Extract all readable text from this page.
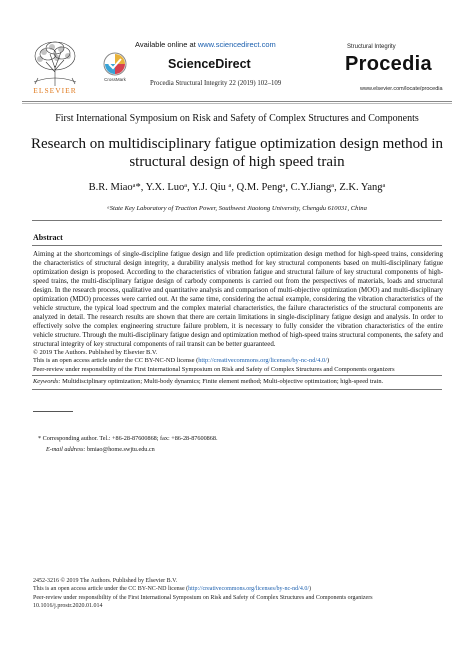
ELSEVIER
Available online at www.sciencedirect.com
CrossMark
ScienceDirect
Procedia Structural Integrity 22 (2019) 102–109
Structural Integrity
Procedia
www.elsevier.com/locate/procedia
First International Symposium on Risk and Safety of Complex Structures and Components
Research on multidisciplinary fatigue optimization design method in structural design of high speed train
B.R. Miaoᵃ*, Y.X. Luoᵃ, Y.J. Qiu ᵃ, Q.M. Pengᵃ, C.Y.Jiangᵃ, Z.K. Yangᵃ
ᵃState Key Laboratory of Traction Power, Southwest Jiaotong University, Chengdu 610031, China
Abstract
Aiming at the shortcomings of single-discipline fatigue design and life prediction optimization design method for high-speed trains, considering the characteristics of structural design integrity, a durability analysis method for key structural components based on multi-disciplinary fatigue optimization design is proposed. According to the characteristics of vibration fatigue and structural failure of key structural components of high-speed trains, the multi-disciplinary fatigue design of carbody components is carried out from the perspectives of materials, loads and structural design. In the research process, qualitative and quantitative analysis and comparison of multi-objective optimization (MOO) and multi-disciplinary optimization (MDO) processes were carried out. At the same time, considering the actual example, considering the vibration characteristics of the vehicle structure, the typical load spectrum and the complex material characteristics, the failure characteristics of the structural components are analyzed in detail. The research results are shown that there are certain limitations in single-disciplinary fatigue design and analysis. In order to effectively solve the complex engineering structure failure problem, it is necessary to fully consider the vibration characteristics of the entire vehicle structure. Through the multi-disciplinary fatigue design and optimization method of high-speed trains structural components, the safety and structural integrity of key structural components of rail transit can be better guaranteed.
© 2019 The Authors. Published by Elsevier B.V.
This is an open access article under the CC BY-NC-ND license (http://creativecommons.org/licenses/by-nc-nd/4.0/)
Peer-review under responsibility of the First International Symposium on Risk and Safety of Complex Structures and Components organizers
Keywords: Multidisciplinary optimization; Multi-body dynamics; Finite element method; Multi-objective optimization; high-speed train.
* Corresponding author. Tel.: +86-28-87600868; fax: +86-28-87600868.
E-mail address: bmiao@home.swjtu.edu.cn
2452-3216 © 2019 The Authors. Published by Elsevier B.V.
This is an open access article under the CC BY-NC-ND license (http://creativecommons.org/licenses/by-nc-nd/4.0/)
Peer-review under responsibility of the First International Symposium on Risk and Safety of Complex Structures and Components organizers
10.1016/j.prostr.2020.01.014
